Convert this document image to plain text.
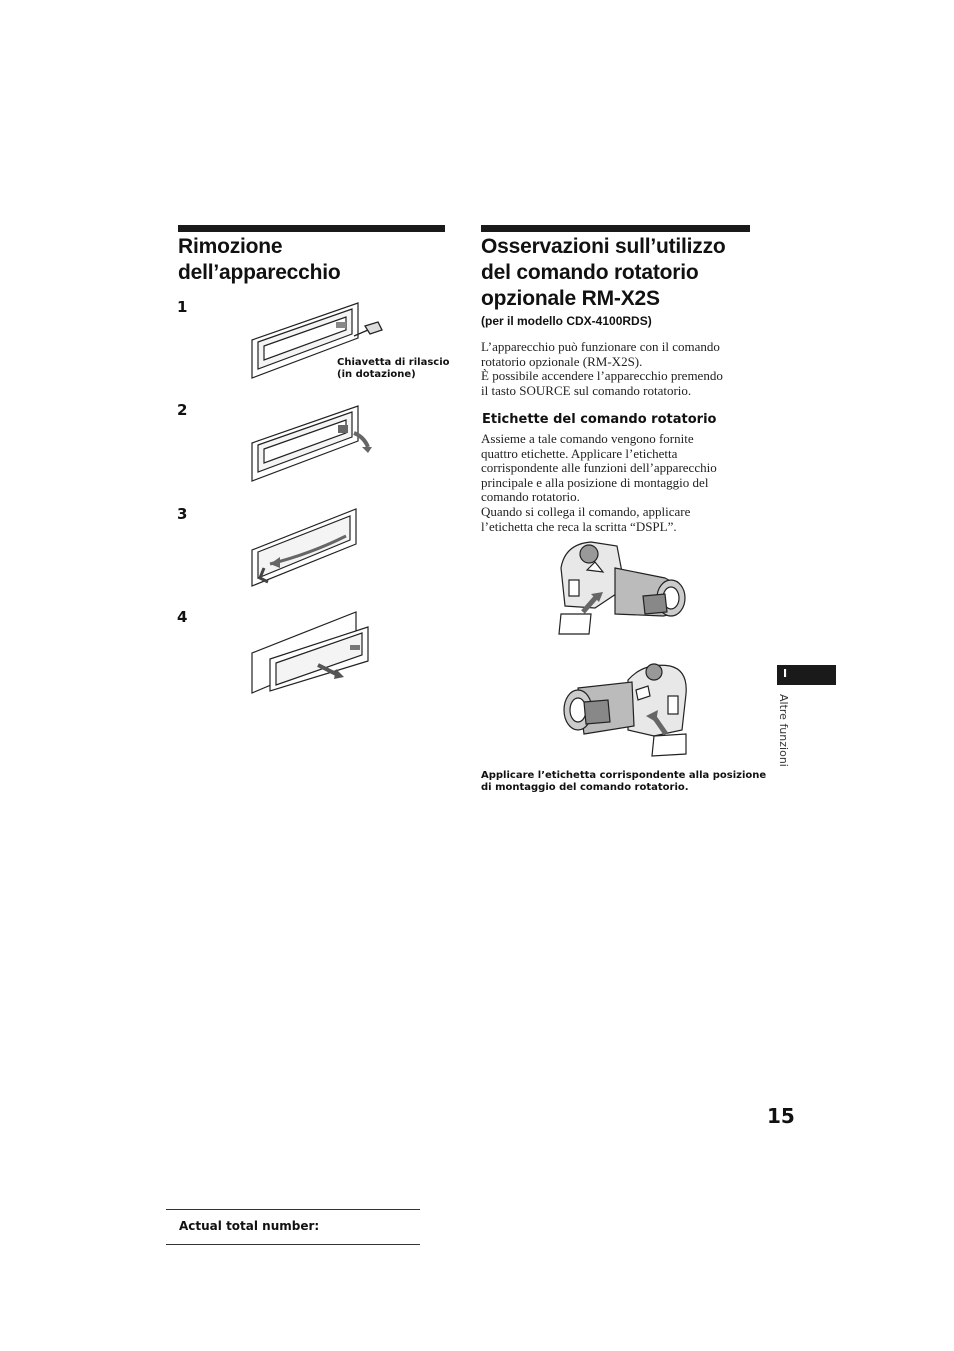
Rimozione
dell’apparecchio
1
2
3
4
Chiavetta di rilascio
(in dotazione)
Osservazioni sull’utilizzo
del comando rotatorio
opzionale RM-X2S
(per il modello CDX-4100RDS)

L’apparecchio può funzionare con il comando

rotatorio opzionale (RM-X2S).

È possibile accendere l’apparecchio premendo

il tasto SOURCE sul comando rotatorio.

Etichette del comando rotatorio

Assieme a tale comando vengono fornite

quattro etichette. Applicare l’etichetta

corrispondente alle funzioni dell’apparecchio

principale e alla posizione di montaggio del

comando rotatorio.

Quando si collega il comando, applicare

l’etichetta che reca la scritta “DSPL”.

Applicare l’etichetta corrispondente alla posizione
di montaggio del comando rotatorio.
I
Altre funzioni
15
Actual total number:
